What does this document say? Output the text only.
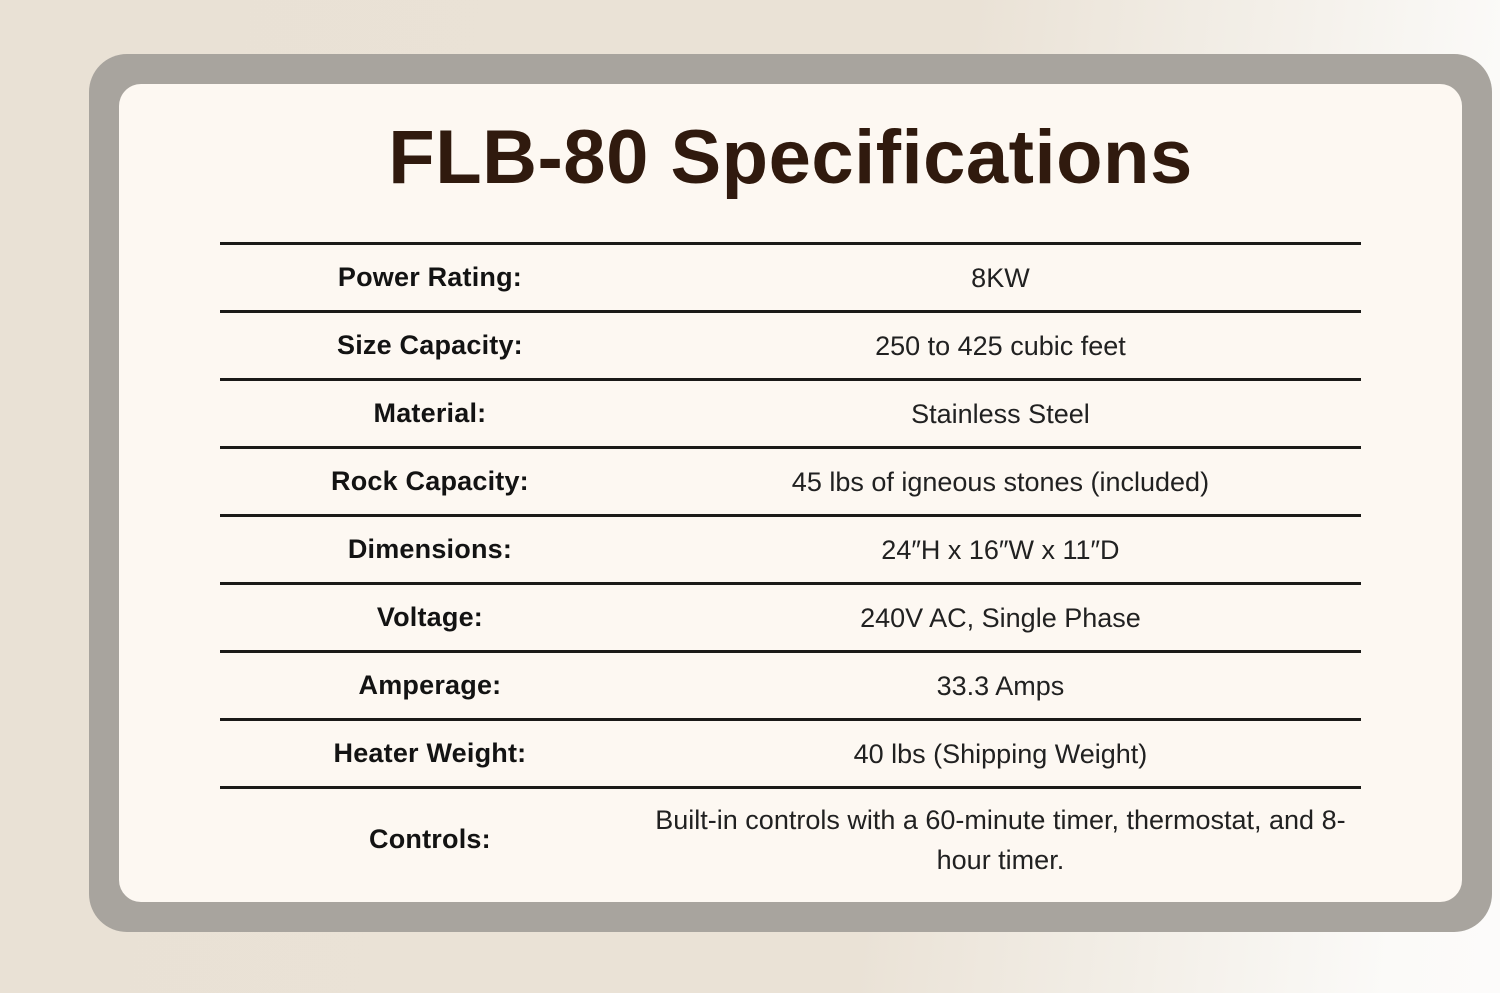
FLB-80 Specifications
Power Rating:	8KW
Size Capacity:	250 to 425 cubic feet
Material:	Stainless Steel
Rock Capacity:	45 lbs of igneous stones (included)
Dimensions:	24″H x 16″W x 11″D
Voltage:	240V AC, Single Phase
Amperage:	33.3 Amps
Heater Weight:	40 lbs (Shipping Weight)
Controls:
Built-in controls with a 60-minute timer, thermostat, and 8-hour timer.
